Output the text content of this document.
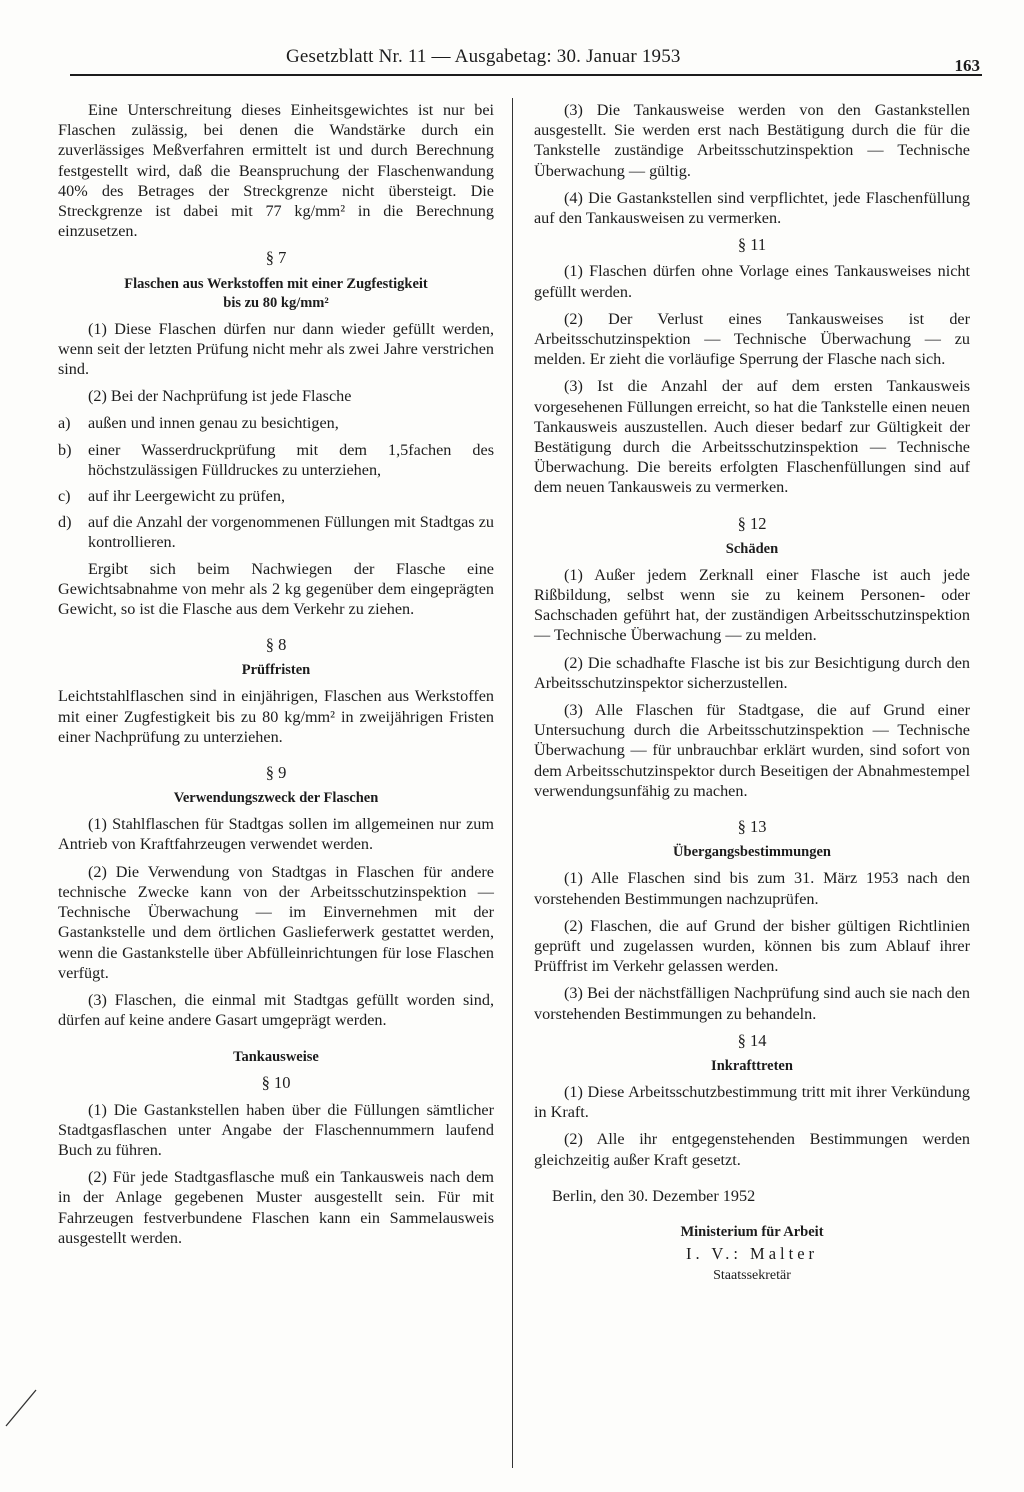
Gesetzblatt Nr. 11 — Ausgabetag: 30. Januar 1953	163

Eine Unterschreitung dieses Einheitsgewichtes ist nur bei Flaschen zulässig, bei denen die Wandstärke durch ein zuverlässiges Meßverfahren ermittelt ist und durch Berechnung festgestellt wird, daß die Beanspruchung der Flaschenwandung 40% des Betrages der Streckgrenze nicht übersteigt. Die Streckgrenze ist dabei mit 77 kg/mm² in die Berechnung einzusetzen.

§ 7
Flaschen aus Werkstoffen mit einer Zugfestigkeit
bis zu 80 kg/mm²

(1) Diese Flaschen dürfen nur dann wieder gefüllt werden, wenn seit der letzten Prüfung nicht mehr als zwei Jahre verstrichen sind.

(2) Bei der Nachprüfung ist jede Flasche

a)	außen und innen genau zu besichtigen,
b)	einer Wasserdruckprüfung mit dem 1,5fachen des höchstzulässigen Fülldruckes zu unterziehen,
c)	auf ihr Leergewicht zu prüfen,
d)	auf die Anzahl der vorgenommenen Füllungen mit Stadtgas zu kontrollieren.

Ergibt sich beim Nachwiegen der Flasche eine Gewichtsabnahme von mehr als 2 kg gegenüber dem eingeprägten Gewicht, so ist die Flasche aus dem Verkehr zu ziehen.

§ 8
Prüffristen

Leichtstahlflaschen sind in einjährigen, Flaschen aus Werkstoffen mit einer Zugfestigkeit bis zu 80 kg/mm² in zweijährigen Fristen einer Nachprüfung zu unterziehen.

§ 9
Verwendungszweck der Flaschen

(1) Stahlflaschen für Stadtgas sollen im allgemeinen nur zum Antrieb von Kraftfahrzeugen verwendet werden.

(2) Die Verwendung von Stadtgas in Flaschen für andere technische Zwecke kann von der Arbeitsschutzinspektion — Technische Überwachung — im Einvernehmen mit der Gastankstelle und dem örtlichen Gaslieferwerk gestattet werden, wenn die Gastankstelle über Abfülleinrichtungen für lose Flaschen verfügt.

(3) Flaschen, die einmal mit Stadtgas gefüllt worden sind, dürfen auf keine andere Gasart umgeprägt werden.

Tankausweise
§ 10

(1) Die Gastankstellen haben über die Füllungen sämtlicher Stadtgasflaschen unter Angabe der Flaschennummern laufend Buch zu führen.

(2) Für jede Stadtgasflasche muß ein Tankausweis nach dem in der Anlage gegebenen Muster ausgestellt sein. Für mit Fahrzeugen festverbundene Flaschen kann ein Sammelausweis ausgestellt werden.

(3) Die Tankausweise werden von den Gastankstellen ausgestellt. Sie werden erst nach Bestätigung durch die für die Tankstelle zuständige Arbeitsschutzinspektion — Technische Überwachung — gültig.

(4) Die Gastankstellen sind verpflichtet, jede Flaschenfüllung auf den Tankausweisen zu vermerken.

§ 11

(1) Flaschen dürfen ohne Vorlage eines Tankausweises nicht gefüllt werden.

(2) Der Verlust eines Tankausweises ist der Arbeitsschutzinspektion — Technische Überwachung — zu melden. Er zieht die vorläufige Sperrung der Flasche nach sich.

(3) Ist die Anzahl der auf dem ersten Tankausweis vorgesehenen Füllungen erreicht, so hat die Tankstelle einen neuen Tankausweis auszustellen. Auch dieser bedarf zur Gültigkeit der Bestätigung durch die Arbeitsschutzinspektion — Technische Überwachung. Die bereits erfolgten Flaschenfüllungen sind auf dem neuen Tankausweis zu vermerken.

§ 12
Schäden

(1) Außer jedem Zerknall einer Flasche ist auch jede Rißbildung, selbst wenn sie zu keinem Personen- oder Sachschaden geführt hat, der zuständigen Arbeitsschutzinspektion — Technische Überwachung — zu melden.

(2) Die schadhafte Flasche ist bis zur Besichtigung durch den Arbeitsschutzinspektor sicherzustellen.

(3) Alle Flaschen für Stadtgase, die auf Grund einer Untersuchung durch die Arbeitsschutzinspektion — Technische Überwachung — für unbrauchbar erklärt wurden, sind sofort von dem Arbeitsschutzinspektor durch Beseitigen der Abnahmestempel verwendungsunfähig zu machen.

§ 13
Übergangsbestimmungen

(1) Alle Flaschen sind bis zum 31. März 1953 nach den vorstehenden Bestimmungen nachzuprüfen.

(2) Flaschen, die auf Grund der bisher gültigen Richtlinien geprüft und zugelassen wurden, können bis zum Ablauf ihrer Prüffrist im Verkehr gelassen werden.

(3) Bei der nächstfälligen Nachprüfung sind auch sie nach den vorstehenden Bestimmungen zu behandeln.

§ 14
Inkrafttreten

(1) Diese Arbeitsschutzbestimmung tritt mit ihrer Verkündung in Kraft.

(2) Alle ihr entgegenstehenden Bestimmungen werden gleichzeitig außer Kraft gesetzt.

Berlin, den 30. Dezember 1952

Ministerium für Arbeit
I. V.: Malter
Staatssekretär
